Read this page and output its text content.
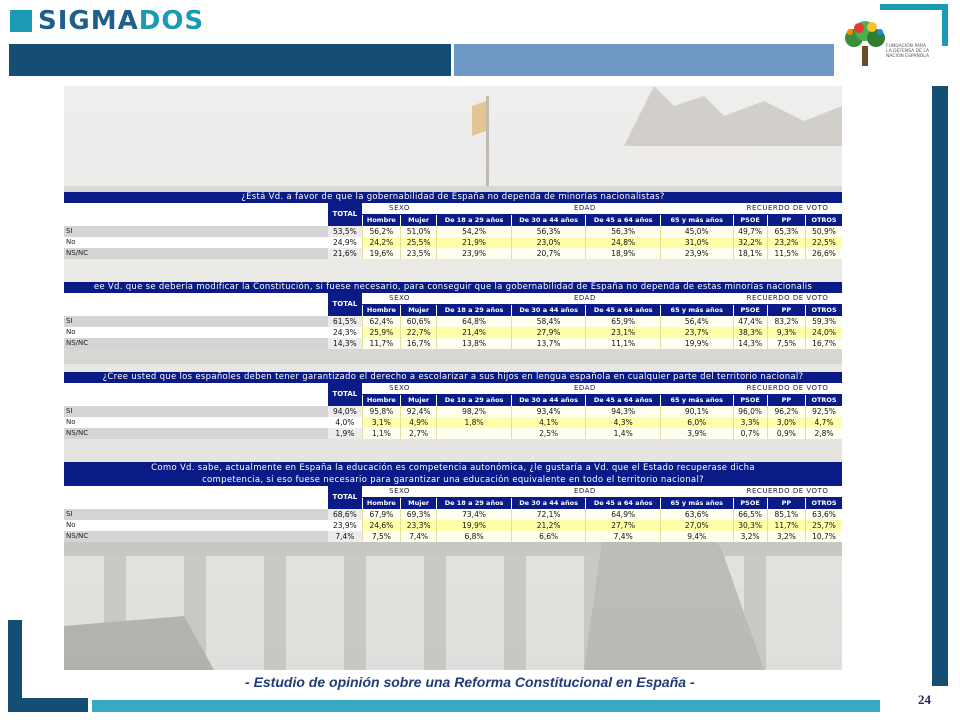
SIGMADOS
FUNDACIÓN PARA LA DEFENSA DE LA NACIÓN ESPAÑOLA
¿Está Vd. a favor de que la gobernabilidad de España no dependa de minorías nacionalistas?										
	TOTAL	SEXO		EDAD				RECUERDO DE VOTO		
		Hombre	Mujer	De 18 a 29 años	De 30 a 44 años	De 45 a 64 años	65 y más años	PSOE	PP	OTROS
SI	53,5%	56,2%	51,0%	54,2%	56,3%	56,3%	45,0%	49,7%	65,3%	50,9%
No	24,9%	24,2%	25,5%	21,9%	23,0%	24,8%	31,0%	32,2%	23,2%	22,5%
NS/NC	21,6%	19,6%	23,5%	23,9%	20,7%	18,9%	23,9%	18,1%	11,5%	26,6%
ee Vd. que se debería modificar la Constitución, si fuese necesario, para conseguir que la gobernabilidad de España no dependa de estas minorías nacionalis										
	TOTAL	SEXO		EDAD				RECUERDO DE VOTO		
		Hombre	Mujer	De 18 a 29 años	De 30 a 44 años	De 45 a 64 años	65 y más años	PSOE	PP	OTROS
SI	61,5%	62,4%	60,6%	64,8%	58,4%	65,9%	56,4%	47,4%	83,2%	59,3%
No	24,3%	25,9%	22,7%	21,4%	27,9%	23,1%	23,7%	38,3%	9,3%	24,0%
NS/NC	14,3%	11,7%	16,7%	13,8%	13,7%	11,1%	19,9%	14,3%	7,5%	16,7%
¿Cree usted que los españoles deben tener garantizado el derecho a escolarizar a sus hijos en lengua española en cualquier parte del territorio nacional?										
	TOTAL	SEXO		EDAD				RECUERDO DE VOTO		
		Hombre	Mujer	De 18 a 29 años	De 30 a 44 años	De 45 a 64 años	65 y más años	PSOE	PP	OTROS
SI	94,0%	95,8%	92,4%	98,2%	93,4%	94,3%	90,1%	96,0%	96,2%	92,5%
No	4,0%	3,1%	4,9%	1,8%	4,1%	4,3%	6,0%	3,3%	3,0%	4,7%
NS/NC	1,9%	1,1%	2,7%		2,5%	1,4%	3,9%	0,7%	0,9%	2,8%
Como Vd. sabe, actualmente en España la educación es competencia autonómica, ¿le gustaría a Vd. que el Estado recuperase dicha										
competencia, si eso fuese necesario para garantizar una educación equivalente en todo el territorio nacional?										
	TOTAL	SEXO		EDAD				RECUERDO DE VOTO		
		Hombre	Mujer	De 18 a 29 años	De 30 a 44 años	De 45 a 64 años	65 y más años	PSOE	PP	OTROS
SI	68,6%	67,9%	69,3%	73,4%	72,1%	64,9%	63,6%	66,5%	85,1%	63,6%
No	23,9%	24,6%	23,3%	19,9%	21,2%	27,7%	27,0%	30,3%	11,7%	25,7%
NS/NC	7,4%	7,5%	7,4%	6,8%	6,6%	7,4%	9,4%	3,2%	3,2%	10,7%
- Estudio de opinión sobre una Reforma Constitucional en España -
24
